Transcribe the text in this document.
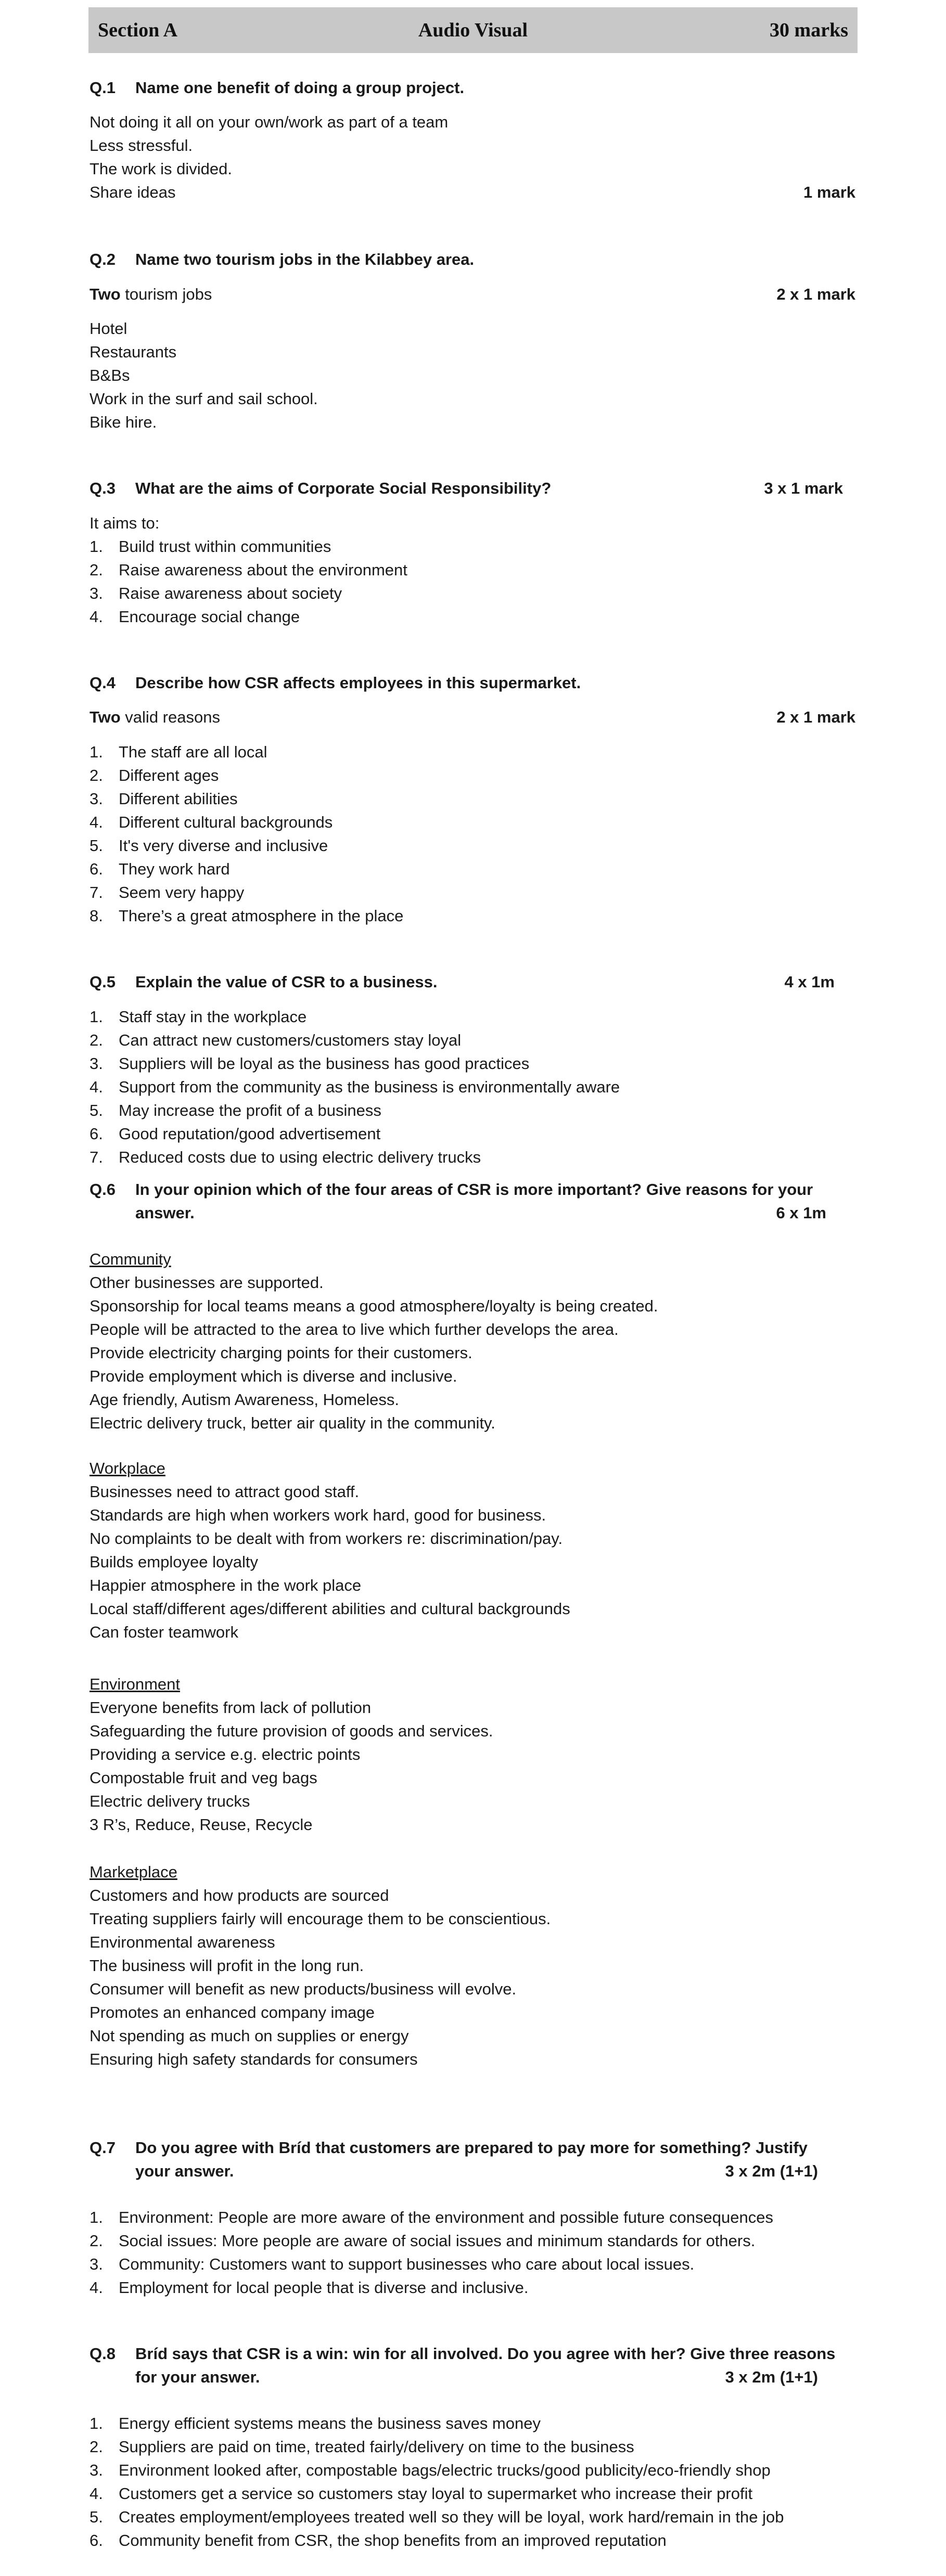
Section A	Audio Visual	30 marks
Q.1 Name one benefit of doing a group project.
Not doing it all on your own/work as part of a team
Less stressful.
The work is divided.
Share ideas	1 mark
Q.2 Name two tourism jobs in the Kilabbey area.
Two tourism jobs	2 x 1 mark
Hotel
Restaurants
B&Bs
Work in the surf and sail school.
Bike hire.
Q.3 What are the aims of Corporate Social Responsibility?	3 x 1 mark
It aims to:
1. Build trust within communities
2. Raise awareness about the environment
3. Raise awareness about society
4. Encourage social change
Q.4 Describe how CSR affects employees in this supermarket.
Two valid reasons	2 x 1 mark
1. The staff are all local
2. Different ages
3. Different abilities
4. Different cultural backgrounds
5. It's very diverse and inclusive
6. They work hard
7. Seem very happy
8. There’s a great atmosphere in the place
Q.5 Explain the value of CSR to a business.	4 x 1m
1. Staff stay in the workplace
2. Can attract new customers/customers stay loyal
3. Suppliers will be loyal as the business has good practices
4. Support from the community as the business is environmentally aware
5. May increase the profit of a business
6. Good reputation/good advertisement
7. Reduced costs due to using electric delivery trucks
Q.6 In your opinion which of the four areas of CSR is more important? Give reasons for your
answer.	6 x 1m
Community
Other businesses are supported.
Sponsorship for local teams means a good atmosphere/loyalty is being created.
People will be attracted to the area to live which further develops the area.
Provide electricity charging points for their customers.
Provide employment which is diverse and inclusive.
Age friendly, Autism Awareness, Homeless.
Electric delivery truck, better air quality in the community.
Workplace
Businesses need to attract good staff.
Standards are high when workers work hard, good for business.
No complaints to be dealt with from workers re: discrimination/pay.
Builds employee loyalty
Happier atmosphere in the work place
Local staff/different ages/different abilities and cultural backgrounds
Can foster teamwork
Environment
Everyone benefits from lack of pollution
Safeguarding the future provision of goods and services.
Providing a service e.g. electric points
Compostable fruit and veg bags
Electric delivery trucks
3 R’s, Reduce, Reuse, Recycle
Marketplace
Customers and how products are sourced
Treating suppliers fairly will encourage them to be conscientious.
Environmental awareness
The business will profit in the long run.
Consumer will benefit as new products/business will evolve.
Promotes an enhanced company image
Not spending as much on supplies or energy
Ensuring high safety standards for consumers
Q.7 Do you agree with Bríd that customers are prepared to pay more for something? Justify
your answer.	3 x 2m (1+1)
1. Environment: People are more aware of the environment and possible future consequences
2. Social issues: More people are aware of social issues and minimum standards for others.
3. Community: Customers want to support businesses who care about local issues.
4. Employment for local people that is diverse and inclusive.
Q.8 Bríd says that CSR is a win: win for all involved. Do you agree with her? Give three reasons
for your answer.	3 x 2m (1+1)
1. Energy efficient systems means the business saves money
2. Suppliers are paid on time, treated fairly/delivery on time to the business
3. Environment looked after, compostable bags/electric trucks/good publicity/eco-friendly shop
4. Customers get a service so customers stay loyal to supermarket who increase their profit
5. Creates employment/employees treated well so they will be loyal, work hard/remain in the job
6. Community benefit from CSR, the shop benefits from an improved reputation
